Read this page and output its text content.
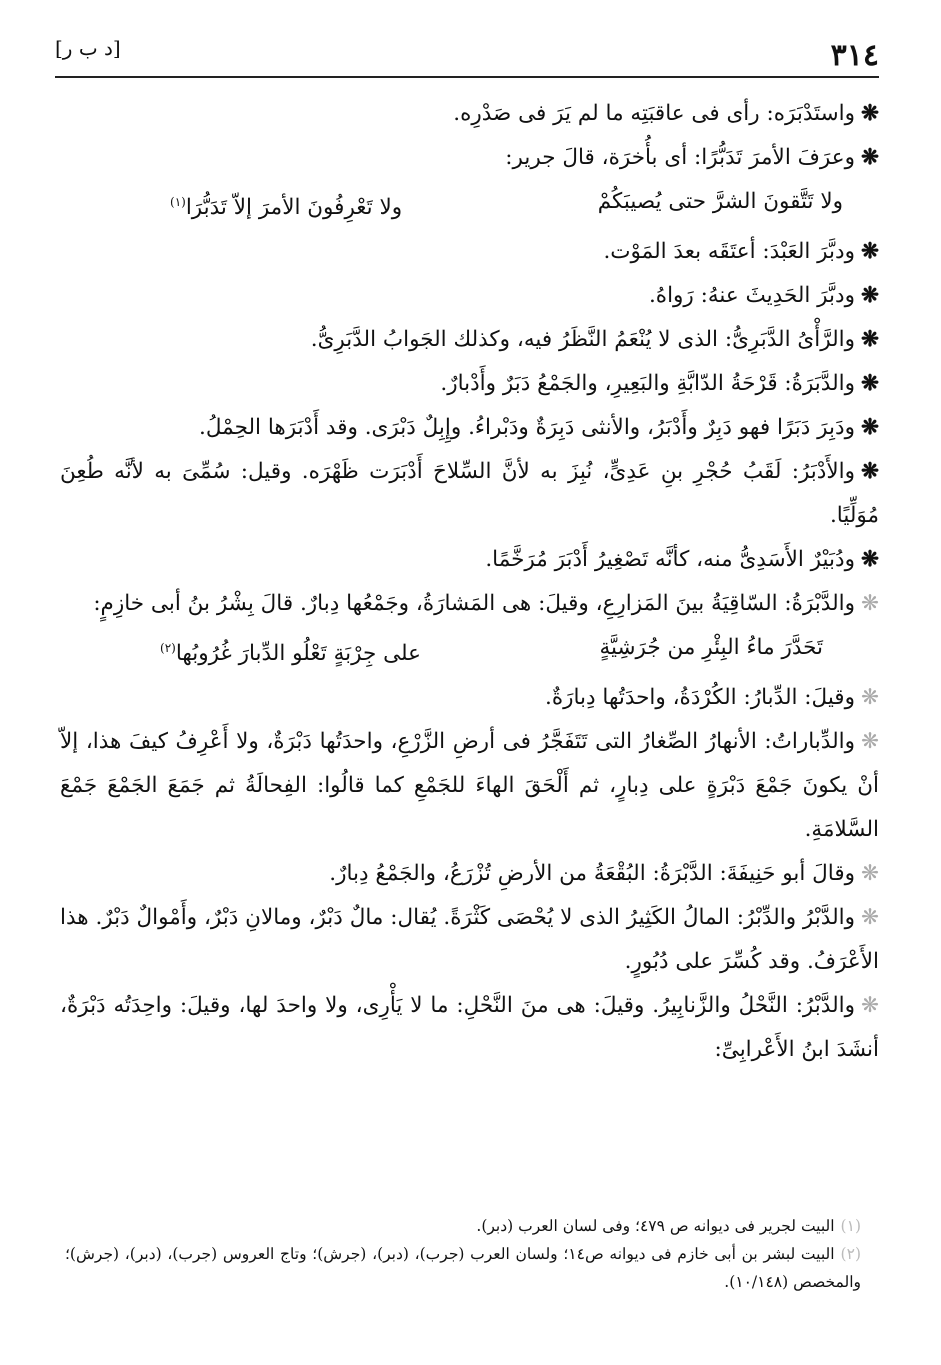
٣١٤
[د ب ر]

❋واستَدْبَرَه: رأى فى عاقبَتِه ما لم يَرَ فى صَدْرِه.

❋وعرَفَ الأمرَ تَدَبُّرًا: أى بأُخرَة، قالَ جرير:

ولا تَتَّقونَ الشرَّ حتى يُصيبَكُمْ
ولا تَعْرِفُونَ الأمرَ إلاّ تَدَبُّرَا$^{(١)}$

❋ودبَّرَ العَبْدَ: أعتَقَه بعدَ المَوْت.

❋ودبَّرَ الحَدِيثَ عنهُ: رَواهُ.

❋والرَّأْىُ الدَّبَرِىُّ: الذى لا يُنْعَمُ النَّظَرُ فيه، وكذلك الجَوابُ الدَّبَرِىُّ.

❋والدَّبَرَةُ: قَرْحَةُ الدّابَّةِ والبَعِيرِ، والجَمْعُ دَبَرٌ وأَدْبارٌ.

❋ودَبِرَ دَبَرًا فهو دَبِرٌ وأَدْبَرُ، والأنثى دَبِرَةٌ ودَبْراءُ. وإِبِلٌ دَبْرَى. وقد أَدْبَرَها الحِمْلُ.

❋والأَدْبَرُ: لَقَبُ حُجْرِ بنِ عَدِىٍّ، نُبِزَ به لأنَّ السِّلاحَ أَدْبَرَت ظَهْرَه. وقيل: سُمِّىَ به لأنَّه طُعِنَ مُوَلِّيًا.

❋ودُبَيْرٌ الأَسَدِىُّ منه، كأنَّه تَصْغِيرُ أَدْبَرَ مُرَخَّمًا.

❋والدَّبْرَةُ: السّاقِيَةُ بينَ المَزارِعِ، وقيلَ: هى المَشارَةُ، وجَمْعُها دِبارٌ. قالَ بِشْرُ بنُ أبى خازِمٍ:

تَحَدَّرَ ماءُ البِئْرِ من جُرَشِيَّةٍ
على جِرْبَةٍ تَعْلُو الدِّبارَ غُرُوبُها$^{(٢)}$

❋وقيلَ: الدِّبارُ: الكُرْدَةُ، واحدَتُها دِبارَةٌ.

❋والدِّباراتُ: الأنهارُ الصِّغارُ التى تَتَفَجَّرُ فى أرضِ الزَّرْعِ، واحدَتُها دَبْرَةٌ، ولا أَعْرِفُ كيفَ هذا، إلاّ أنْ يكونَ جَمْعَ دَبْرَةٍ على دِبارٍ، ثم أَلْحَقَ الهاءَ للجَمْعِ كما قالُوا: الفِحالَةُ ثم جَمَعَ الجَمْعَ جَمْعَ السَّلامَةِ.

❋وقالَ أبو حَنِيفَةَ: الدَّبْرَةُ: البُقْعَةُ من الأرضِ تُزْرَعُ، والجَمْعُ دِبارٌ.

❋والدَّبْرُ والدِّبْرُ: المالُ الكَثِيرُ الذى لا يُحْصَى كَثْرَةً. يُقال: مالٌ دَبْرٌ، ومالانِ دَبْرٌ، وأَمْوالٌ دَبْرٌ. هذا الأَعْرَفُ. وقد كُسِّرَ على دُبُورٍ.

❋والدَّبْرُ: النَّحْلُ والزَّنابِيرُ. وقيلَ: هى منَ النَّحْلِ: ما لا يَأْرِى، ولا واحدَ لها، وقيلَ: واحِدَتُه دَبْرَةٌ، أنشَدَ ابنُ الأَعْرابِىِّ:

(١)البيت لجرير فى ديوانه ص ٤٧٩؛ وفى لسان العرب (دبر).

(٢)البيت لبشر بن أبى خازم فى ديوانه ص١٤؛ ولسان العرب (جرب)، (دبر)، (جرش)؛ وتاج العروس (جرب)، (دبر)، (جرش)؛ والمخصص (١٠/١٤٨).
